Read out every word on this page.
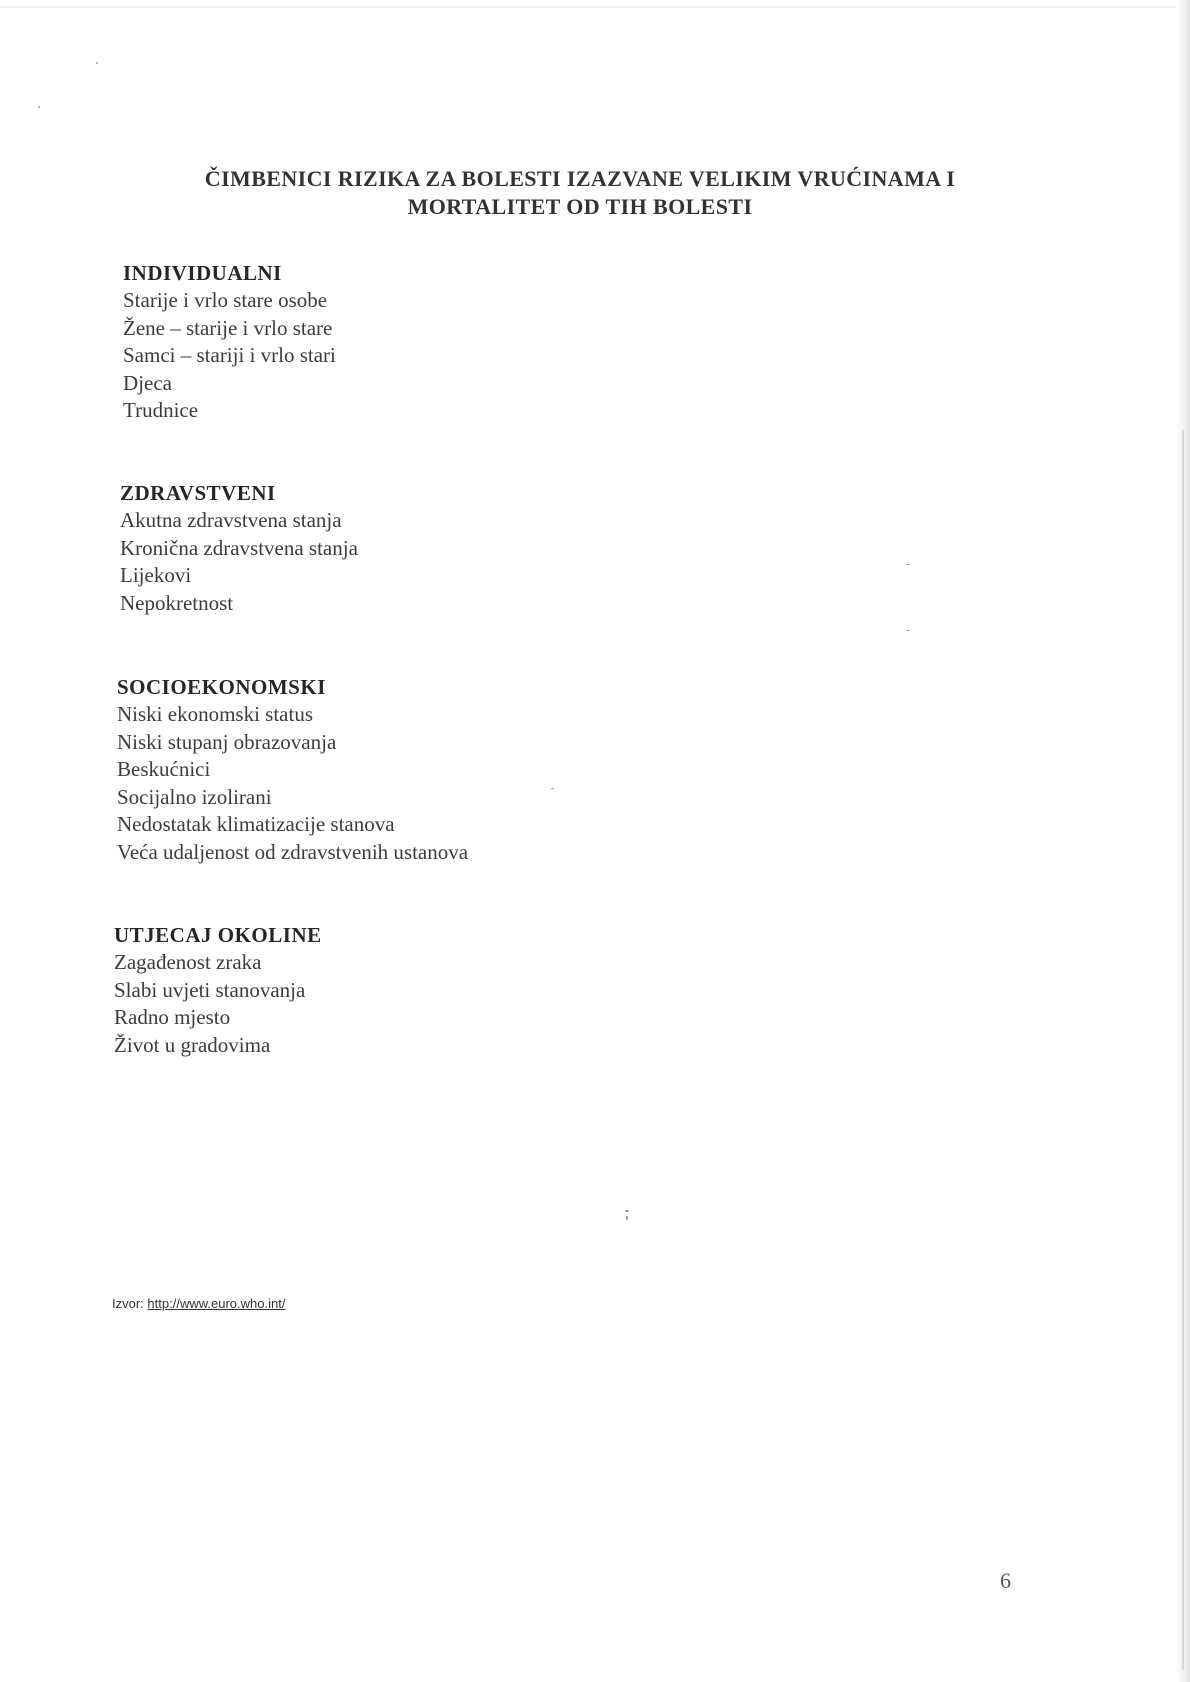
ČIMBENICI RIZIKA ZA BOLESTI IZAZVANE VELIKIM VRUĆINAMA I
MORTALITET OD TIH BOLESTI
INDIVIDUALNI
Starije i vrlo stare osobe
Žene – starije i vrlo stare
Samci – stariji i vrlo stari
Djeca
Trudnice
ZDRAVSTVENI
Akutna zdravstvena stanja
Kronična zdravstvena stanja
Lijekovi
Nepokretnost
SOCIOEKONOMSKI
Niski ekonomski status
Niski stupanj obrazovanja
Beskućnici
Socijalno izolirani
Nedostatak klimatizacije stanova
Veća udaljenost od zdravstvenih ustanova
UTJECAJ OKOLINE
Zagađenost zraka
Slabi uvjeti stanovanja
Radno mjesto
Život u gradovima
Izvor: http://www.euro.who.int/
6
